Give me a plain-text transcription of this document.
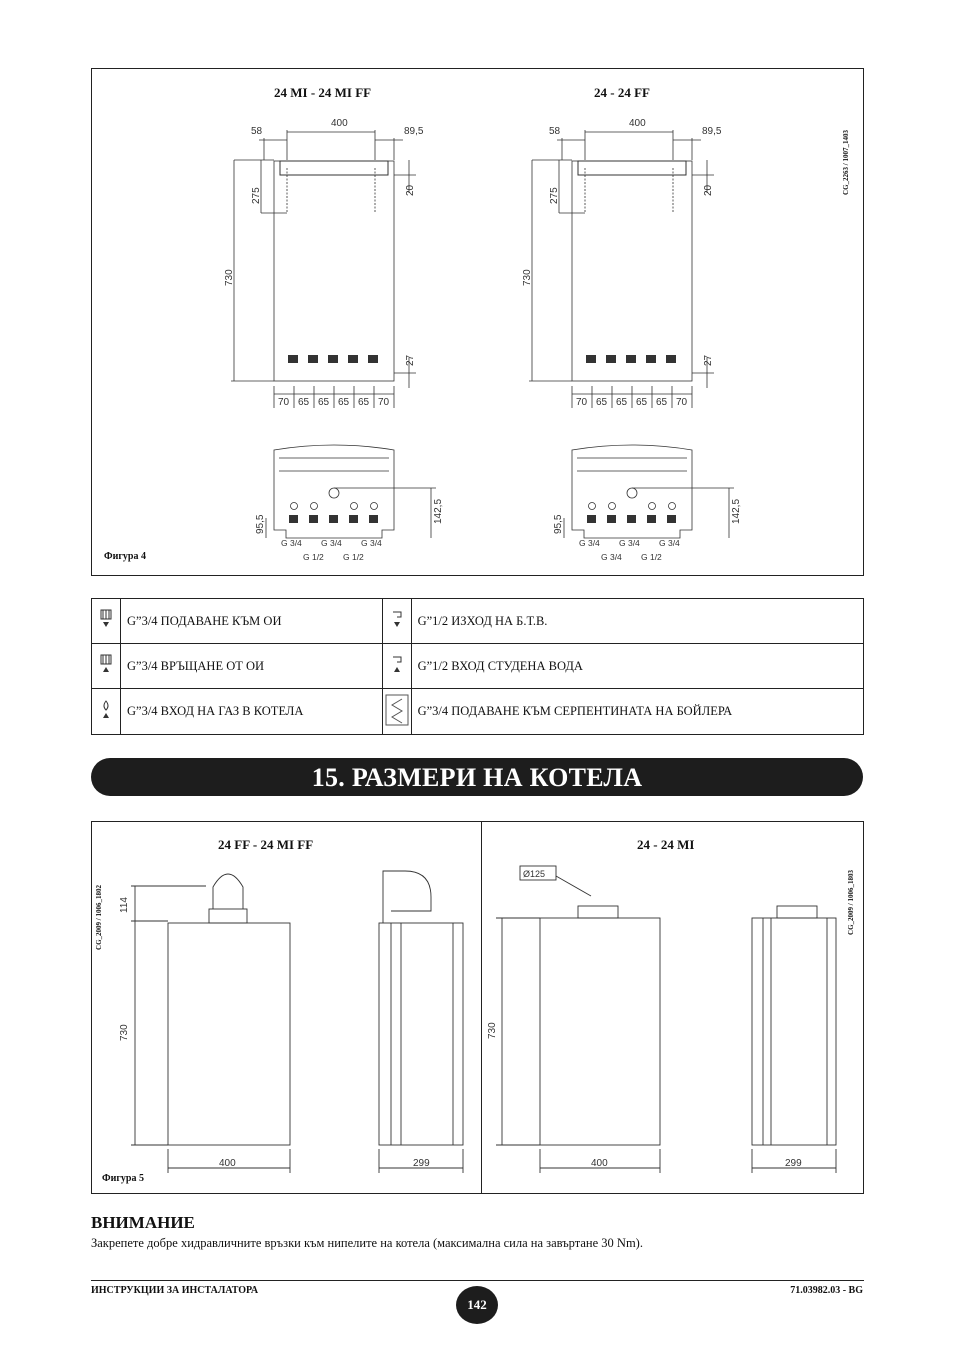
24 MI - 24 MI FF	24 - 24 FF
CG_2263 / 1007_1403
Фигура 4
400
58	89,5
400
58	89,5
275
730
20
27
275
730
20
27
70 65 65 65 65 70	70 65 65 65 65 70
95,5
142,5
95,5
142,5
G 3/4 G 3/4 G 3/4
G 1/2 G 1/2
G 3/4 G 3/4 G 3/4
G 3/4 G 1/2
	G”3/4 ПОДАВАНЕ КЪМ ОИ		G”1/2 ИЗХОД НА Б.Т.В.
	G”3/4 ВРЪЩАНЕ ОТ ОИ		G”1/2 ВХОД СТУДЕНА ВОДА
	G”3/4 ВХОД НА ГАЗ В КОТЕЛА		G”3/4 ПОДАВАНЕ КЪМ СЕРПЕНТИНАТА НА БОЙЛЕРА
15. РАЗМЕРИ НА КОТЕЛА
24 FF - 24 MI FF	24 - 24 MI
CG_2009 / 1006_1802	CG_2009 / 1006_1803
Фигура 5
114
730
400	299
730
400	299
Ø125
ВНИМАНИЕ
Закрепете добре хидравличните връзки към нипелите на котела (максимална сила на завъртане 30 Nm).
ИНСТРУКЦИИ ЗА ИНСТАЛАТОРА	71.03982.03 - BG
142
